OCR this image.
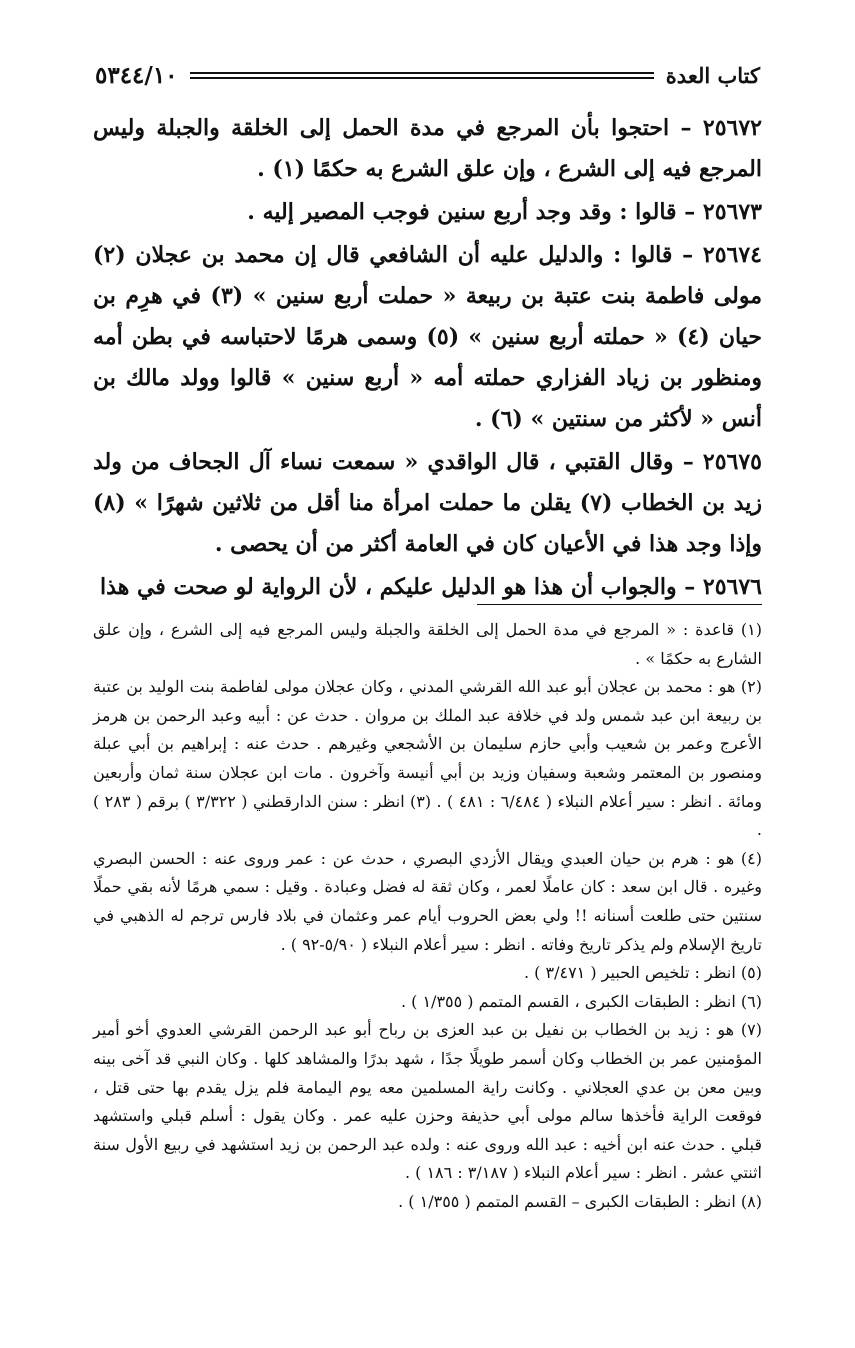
كتاب العدة
٥٣٤٤/١٠

٢٥٦٧٢ – احتجوا بأن المرجع في مدة الحمل إلى الخلقة والجبلة وليس المرجع فيه إلى الشرع ، وإن علق الشرع به حكمًا (١) .

٢٥٦٧٣ – قالوا : وقد وجد أربع سنين فوجب المصير إليه .

٢٥٦٧٤ – قالوا : والدليل عليه أن الشافعي قال إن محمد بن عجلان (٢) مولى فاطمة بنت عتبة بن ربيعة « حملت أربع سنين » (٣) في هرِم بن حيان (٤) « حملته أربع سنين » (٥) وسمى هرمًا لاحتباسه في بطن أمه ومنظور بن زياد الفزاري حملته أمه « أربع سنين » قالوا وولد مالك بن أنس « لأكثر من سنتين » (٦) .

٢٥٦٧٥ – وقال القتبي ، قال الواقدي « سمعت نساء آل الجحاف من ولد زيد بن الخطاب (٧) يقلن ما حملت امرأة منا أقل من ثلاثين شهرًا » (٨) وإذا وجد هذا في الأعيان كان في العامة أكثر من أن يحصى .

٢٥٦٧٦ – والجواب أن هذا هو الدليل عليكم ، لأن الرواية لو صحت في هذا

(١) قاعدة : « المرجع في مدة الحمل إلى الخلقة والجبلة وليس المرجع فيه إلى الشرع ، وإن علق الشارع به حكمًا » .

(٢) هو : محمد بن عجلان أبو عبد الله القرشي المدني ، وكان عجلان مولى لفاطمة بنت الوليد بن عتبة بن ربيعة ابن عبد شمس ولد في خلافة عبد الملك بن مروان . حدث عن : أبيه وعبد الرحمن بن هرمز الأعرج وعمر بن شعيب وأبي حازم سليمان بن الأشجعي وغيرهم . حدث عنه : إبراهيم بن أبي عبلة ومنصور بن المعتمر وشعبة وسفيان وزيد بن أبي أنيسة وآخرون . مات ابن عجلان سنة ثمان وأربعين ومائة . انظر : سير أعلام النبلاء ( ٦/٤٨٤ : ٤٨١ ) . (٣) انظر : سنن الدارقطني ( ٣/٣٢٢ ) برقم ( ٢٨٣ ) .

(٤) هو : هرم بن حيان العبدي ويقال الأزدي البصري ، حدث عن : عمر وروى عنه : الحسن البصري وغيره . قال ابن سعد : كان عاملًا لعمر ، وكان ثقة له فضل وعبادة . وقيل : سمي هرمًا لأنه بقي حملًا سنتين حتى طلعت أسنانه !! ولي بعض الحروب أيام عمر وعثمان في بلاد فارس ترجم له الذهبي في تاريخ الإسلام ولم يذكر تاريخ وفاته . انظر : سير أعلام النبلاء ( ٥/٩٠-٩٢ ) .

(٥) انظر : تلخيص الحبير ( ٣/٤٧١ ) .

(٦) انظر : الطبقات الكبرى ، القسم المتمم ( ١/٣٥٥ ) .

(٧) هو : زيد بن الخطاب بن نفيل بن عبد العزى بن رباح أبو عبد الرحمن القرشي العدوي أخو أمير المؤمنين عمر بن الخطاب وكان أسمر طويلًا جدًا ، شهد بدرًا والمشاهد كلها . وكان النبي قد آخى بينه وبين معن بن عدي العجلاني . وكانت راية المسلمين معه يوم اليمامة فلم يزل يقدم بها حتى قتل ، فوقعت الراية فأخذها سالم مولى أبي حذيفة وحزن عليه عمر . وكان يقول : أسلم قبلي واستشهد قبلي . حدث عنه ابن أخيه : عبد الله وروى عنه : ولده عبد الرحمن بن زيد استشهد في ربيع الأول سنة اثنتي عشر . انظر : سير أعلام النبلاء ( ٣/١٨٧ : ١٨٦ ) .

(٨) انظر : الطبقات الكبرى – القسم المتمم ( ١/٣٥٥ ) .
